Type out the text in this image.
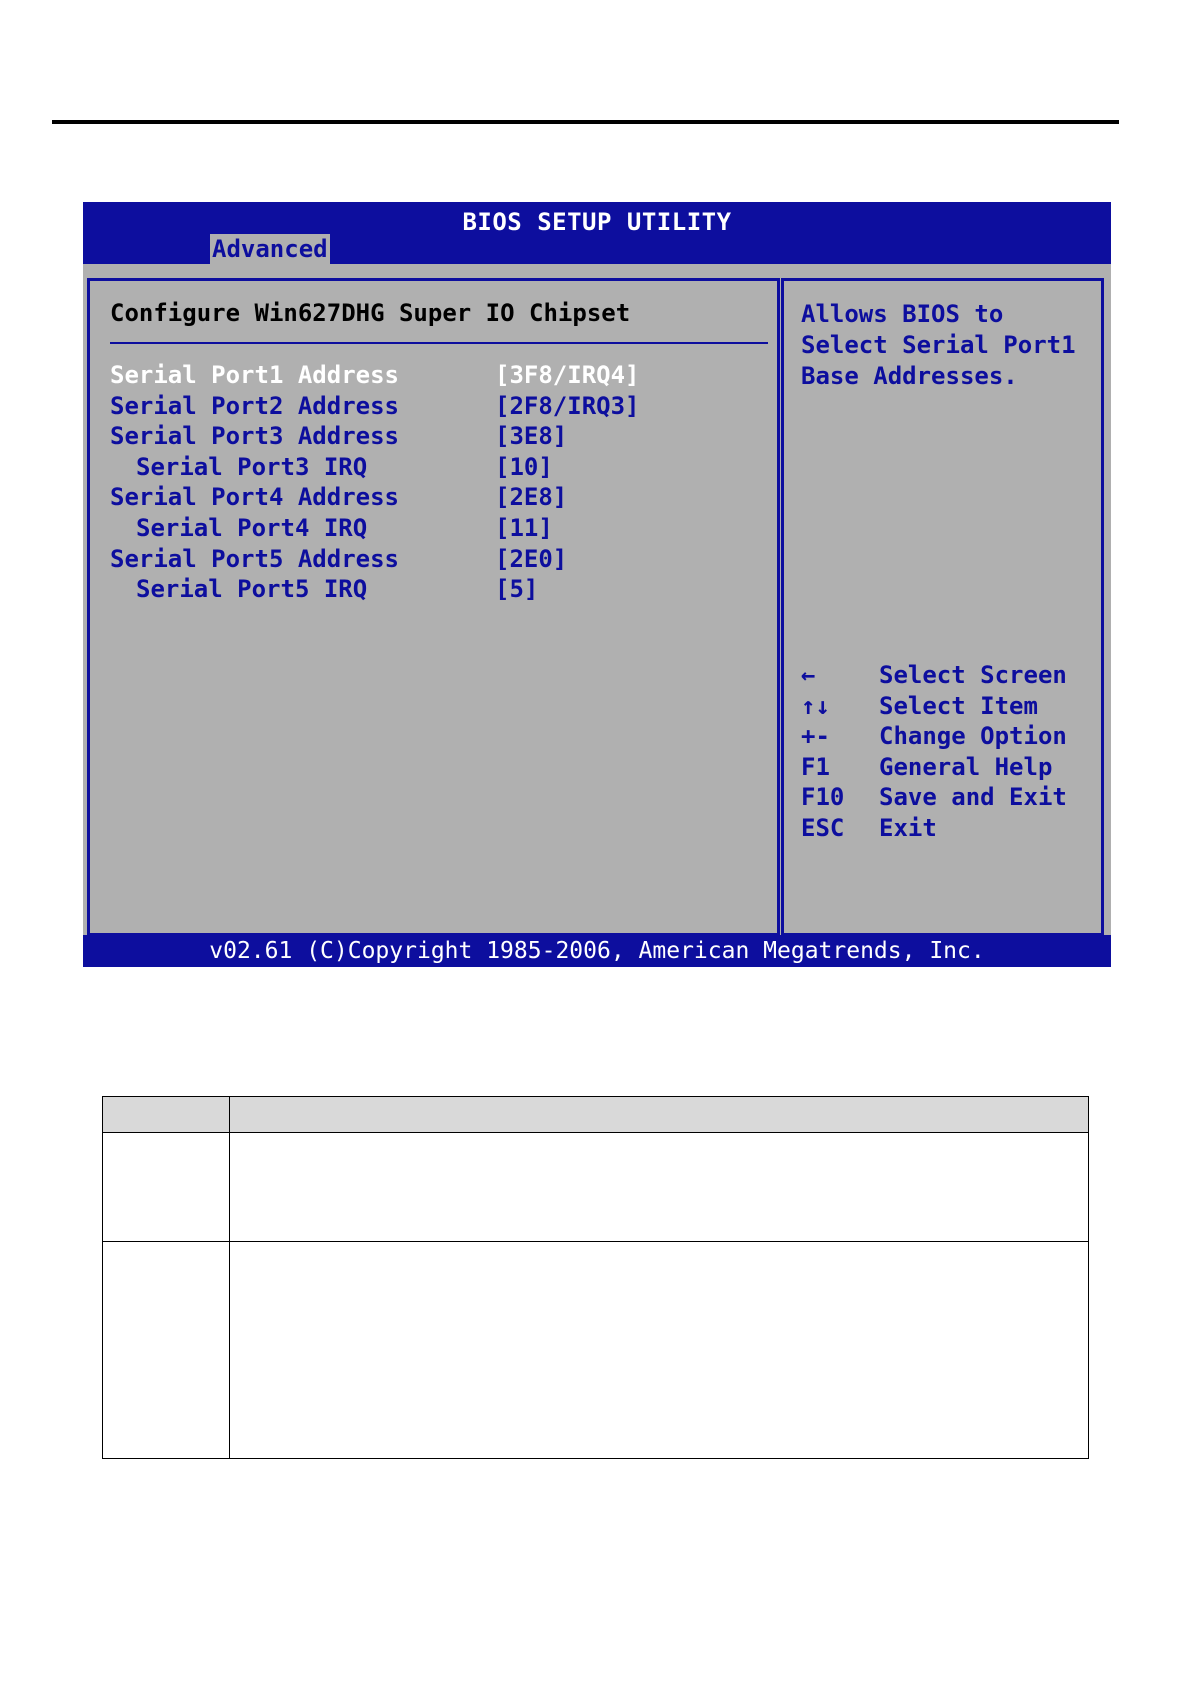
BIOS SETUP UTILITY
Advanced
Configure Win627DHG Super IO Chipset
Serial Port1 Address	[3F8/IRQ4]
Serial Port2 Address	[2F8/IRQ3]
Serial Port3 Address	[3E8]
Serial Port3 IRQ	[10]
Serial Port4 Address	[2E8]
Serial Port4 IRQ	[11]
Serial Port5 Address	[2E0]
Serial Port5 IRQ	[5]
Allows BIOS to Select Serial Port1 Base Addresses.
←	Select Screen
↑↓ Select Item
+- Change Option
F1 General Help
F10 Save and Exit
ESC Exit
v02.61 (C)Copyright 1985-2006, American Megatrends, Inc.
